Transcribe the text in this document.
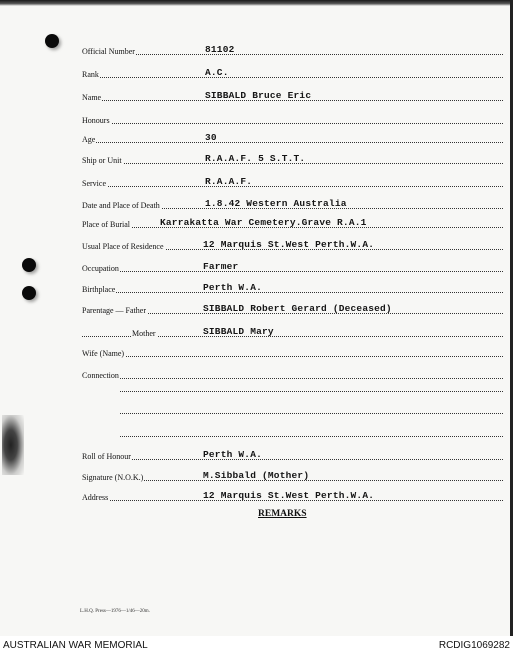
Official Number	81102
Rank	A.C.
Name	SIBBALD Bruce Eric
Honours
Age	30
Ship or Unit	R.A.A.F. 5 S.T.T.
Service	R.A.A.F.
Date and Place of Death	1.8.42 Western Australia
Place of Burial	Karrakatta War Cemetery.Grave R.A.1
Usual Place of Residence	12 Marquis St.West Perth.W.A.
Occupation	Farmer
Birthplace	Perth W.A.
Parentage — Father	SIBBALD Robert Gerard (Deceased)
Mother	SIBBALD Mary
Wife (Name)
Connection
Roll of Honour	Perth W.A.
Signature (N.O.K.)	M.Sibbald (Mother)
Address	12 Marquis St.West Perth.W.A.
REMARKS
L.H.Q. Press—1976—1/46—20m.
AUSTRALIAN WAR MEMORIAL	RCDIG1069282
